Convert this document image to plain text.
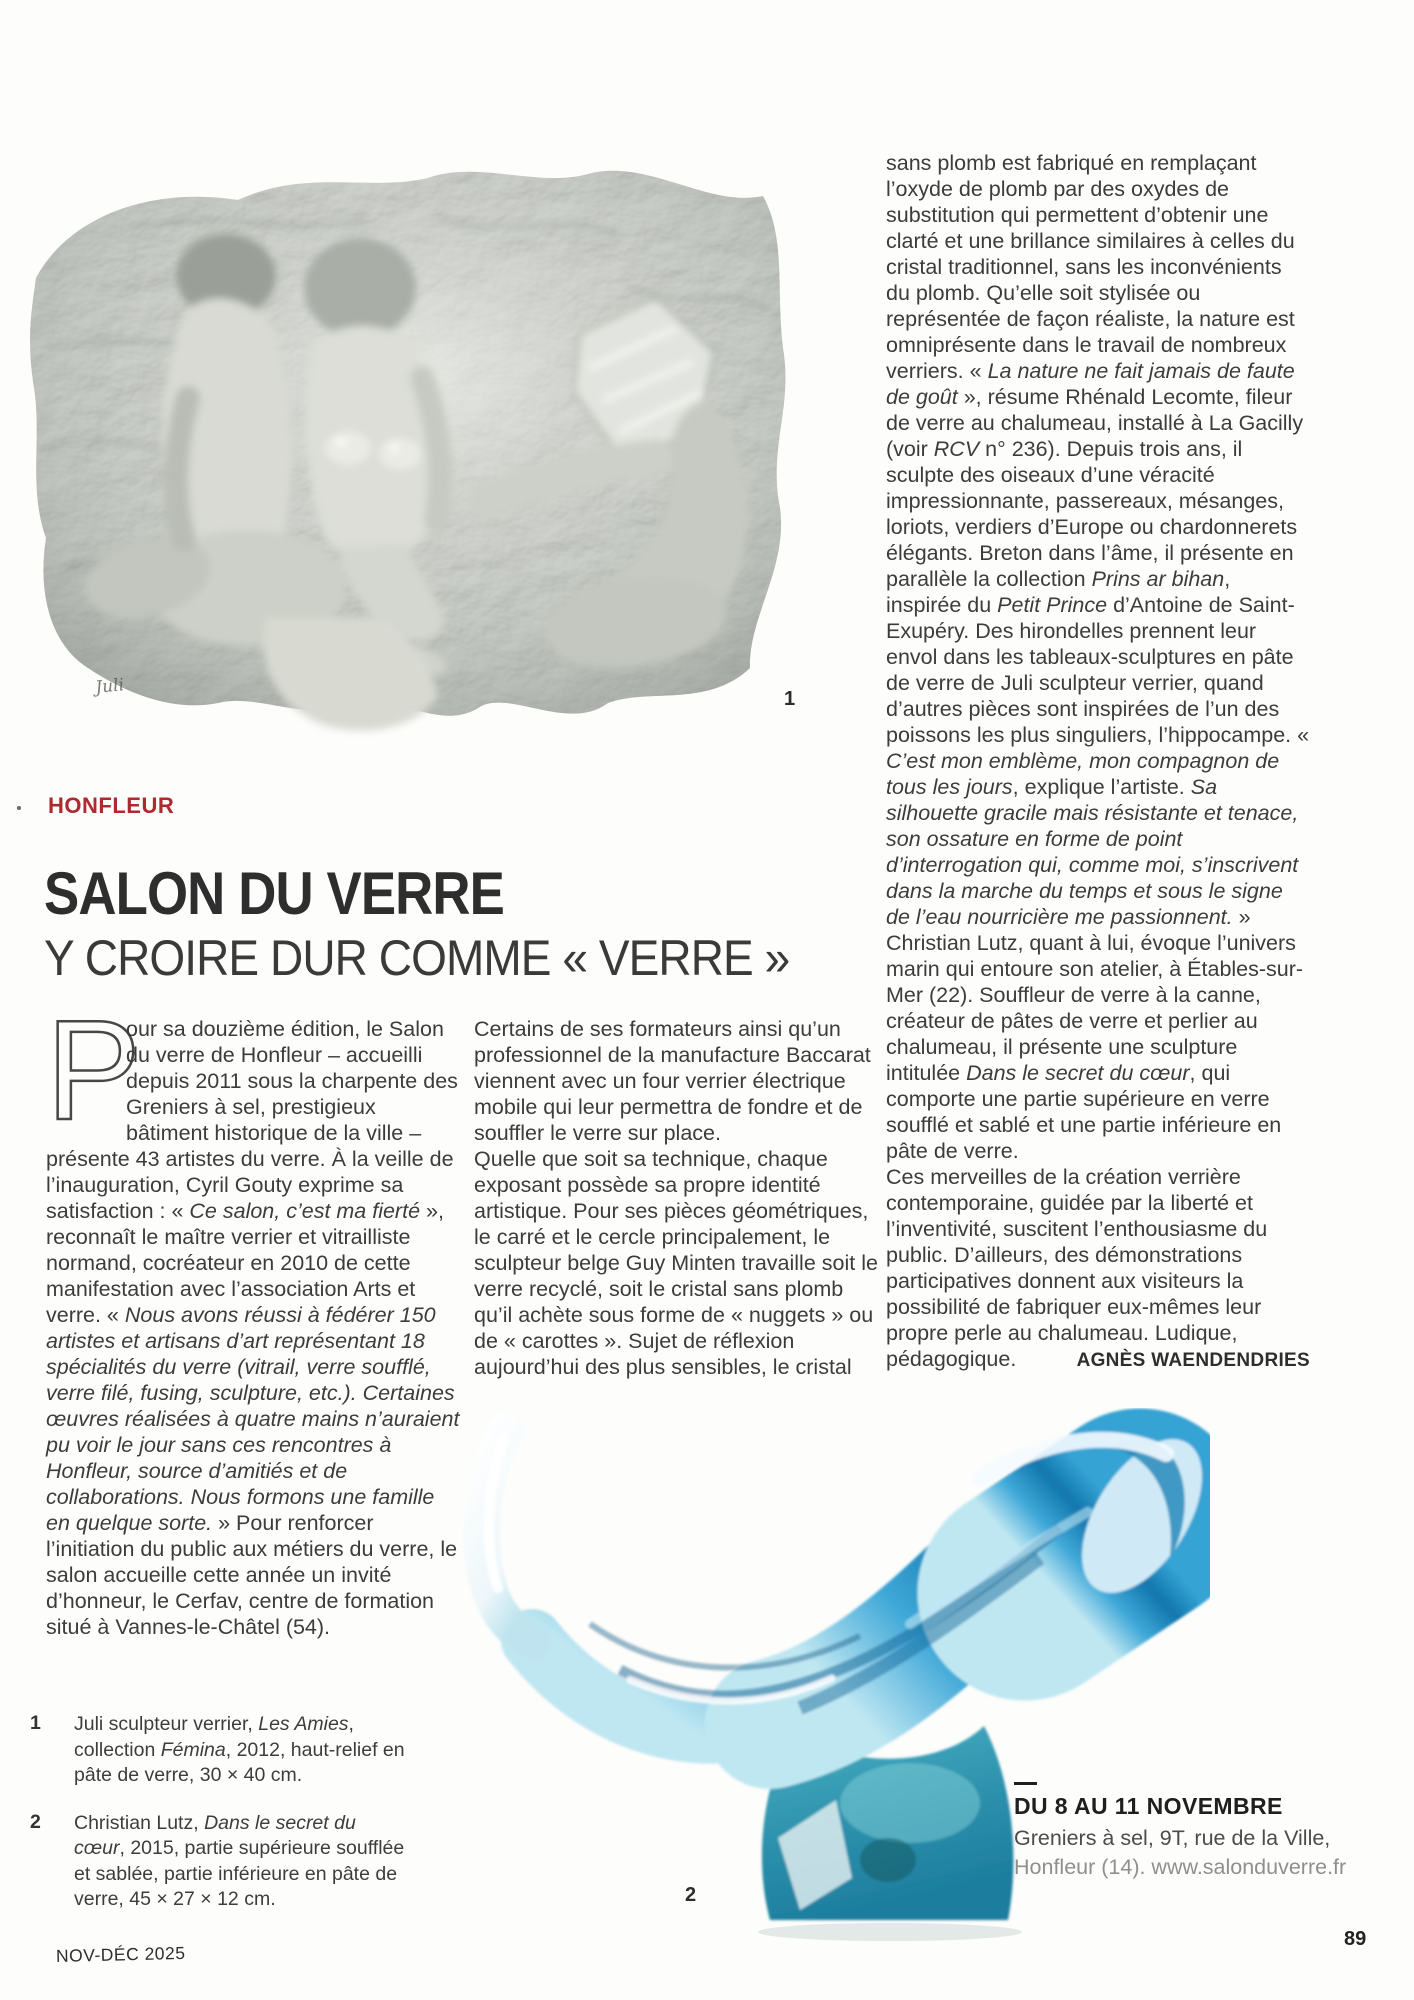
Juli
1
HONFLEUR
SALON DU VERRE
Y CROIRE DUR COMME « VERRE »

P
our sa douzième édition, le Salon du verre de Honfleur – accueilli depuis 2011 sous la charpente des Greniers à sel, prestigieux bâtiment historique de la ville – présente 43 artistes du verre. À la veille de l’inauguration, Cyril Gouty exprime sa satisfaction : « Ce salon, c’est ma fierté », reconnaît le maître verrier et vitrailliste normand, cocréateur en 2010 de cette manifestation avec l’association Arts et verre. « Nous avons réussi à fédérer 150 artistes et artisans d’art représentant 18 spécialités du verre (vitrail, verre soufflé, verre filé, fusing, sculpture, etc.). Certaines œuvres réalisées à quatre mains n’auraient pu voir le jour sans ces rencontres à Honfleur, source d’amitiés et de collaborations. Nous formons une famille en quelque sorte. » Pour renforcer l’initiation du public aux métiers du verre, le salon accueille cette année un invité d’honneur, le Cerfav, centre de formation situé à Vannes-le-Châtel (54).

Certains de ses formateurs ainsi qu’un professionnel de la manufacture Baccarat viennent avec un four verrier électrique mobile qui leur permettra de fondre et de souffler le verre sur place.

Quelle que soit sa technique, chaque exposant possède sa propre identité artistique. Pour ses pièces géométriques, le carré et le cercle principalement, le sculpteur belge Guy Minten travaille soit le verre recyclé, soit le cristal sans plomb qu’il achète sous forme de « nuggets » ou de « carottes ». Sujet de réflexion aujourd’hui des plus sensibles, le cristal

sans plomb est fabriqué en remplaçant l’oxyde de plomb par des oxydes de substitution qui permettent d’obtenir une clarté et une brillance similaires à celles du cristal traditionnel, sans les inconvénients du plomb. Qu’elle soit stylisée ou représentée de façon réaliste, la nature est omniprésente dans le travail de nombreux verriers. « La nature ne fait jamais de faute de goût », résume Rhénald Lecomte, fileur de verre au chalumeau, installé à La Gacilly (voir RCV n° 236). Depuis trois ans, il sculpte des oiseaux d’une véracité impressionnante, passereaux, mésanges, loriots, verdiers d’Europe ou chardonnerets élégants. Breton dans l’âme, il présente en parallèle la collection Prins ar bihan, inspirée du Petit Prince d’Antoine de Saint-Exupéry. Des hirondelles prennent leur envol dans les tableaux-sculptures en pâte de verre de Juli sculpteur verrier, quand d’autres pièces sont inspirées de l’un des poissons les plus singuliers, l’hippocampe. « C’est mon emblème, mon compagnon de tous les jours, explique l’artiste. Sa silhouette gracile mais résistante et tenace, son ossature en forme de point d’interrogation qui, comme moi, s’inscrivent dans la marche du temps et sous le signe de l’eau nourricière me passionnent. » Christian Lutz, quant à lui, évoque l’univers marin qui entoure son atelier, à Étables-sur-Mer (22). Souffleur de verre à la canne, créateur de pâtes de verre et perlier au chalumeau, il présente une sculpture intitulée Dans le secret du cœur, qui comporte une partie supérieure en verre soufflé et sablé et une partie inférieure en pâte de verre.

Ces merveilles de la création verrière contemporaine, guidée par la liberté et l’inventivité, suscitent l’enthousiasme du public. D’ailleurs, des démonstrations participatives donnent aux visiteurs la possibilité de fabriquer eux-mêmes leur propre perle au chalumeau. Ludique, pédagogique.	AGNÈS WAENDENDRIES
1	Juli sculpteur verrier, Les Amies, collection Fémina, 2012, haut-relief en pâte de verre, 30 × 40 cm.
2	Christian Lutz, Dans le secret du cœur, 2015, partie supérieure soufflée et sablée, partie inférieure en pâte de verre, 45 × 27 × 12 cm.	2
DU 8 AU 11 NOVEMBRE
Greniers à sel, 9T, rue de la Ville,
Honfleur (14). www.salonduverre.fr
NOV-DÉC 2025
89
